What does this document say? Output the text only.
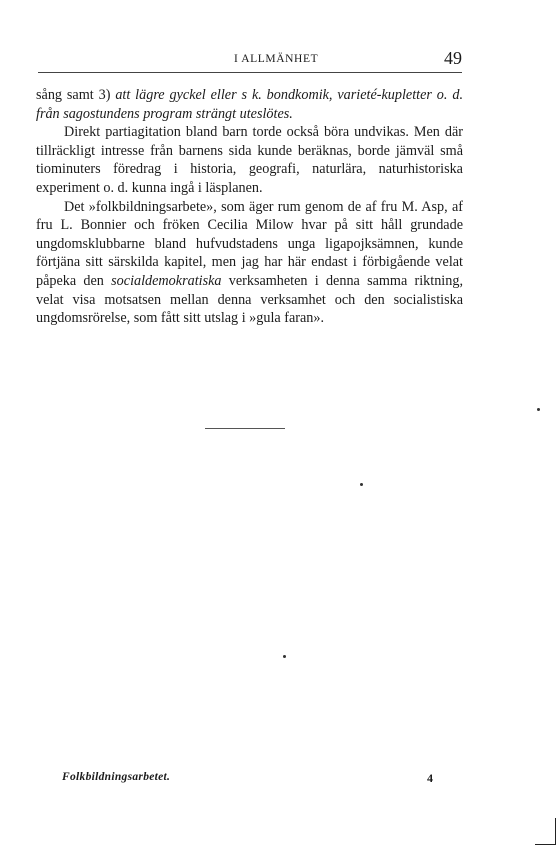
I ALLMÄNHET	49

sång samt 3) att lägre gyckel eller s k. bondkomik, varieté-kupletter o. d. från sagostundens program strängt uteslötes.

Direkt partiagitation bland barn torde också böra undvikas. Men där tillräckligt intresse från barnens sida kunde beräknas, borde jämväl små tiominuters föredrag i historia, geografi, naturlära, naturhistoriska experiment o. d. kunna ingå i läsplanen.

Det »folkbildningsarbete», som äger rum genom de af fru M. Asp, af fru L. Bonnier och fröken Cecilia Milow hvar på sitt håll grundade ungdomsklubbarne bland hufvudstadens unga ligapojksämnen, kunde förtjäna sitt särskilda kapitel, men jag har här endast i förbigående velat påpeka den socialdemokratiska verksamheten i denna samma riktning, velat visa motsatsen mellan denna verksamhet och den socialistiska ungdomsrörelse, som fått sitt utslag i »gula faran».

Folkbildningsarbetet.	4
